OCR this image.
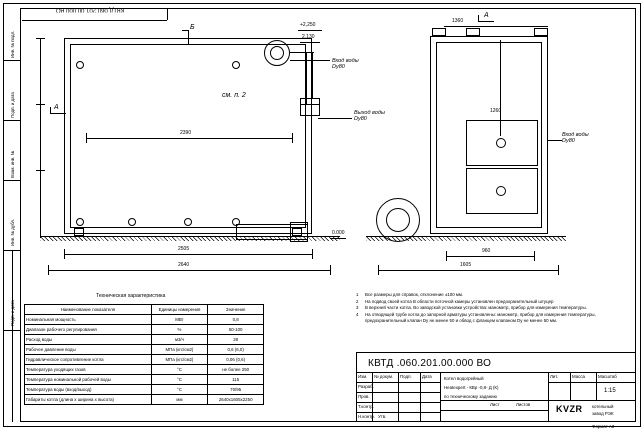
Инв. № подл.
Подп. и дата
Взам. инв. №
Инв. № дубл.
Подп. и дата
КВТД 060.201.00.000 ВО
Б
А
см. п. 2
Вход воды
Dу80
Выход воды
Dу80
2390
2505
2640
+2,250
2,130
0.000
А
1360
1260
960
1605
Вход воды
Dу80
Техническая характеристика
Наименование показателя	Единицы измерения	Значение
Номинальная мощность	МВт	0,8
Диапазон рабочего регулирования	%	50-100
Расход воды	м3/ч	28
Рабочее давление воды	МПа (кгс/см2)	0,6 (6,0)
Гидравлическое сопротивление котла	МПа (кгс/см2)	0,06 (0,6)
Температура уходящих газов	°С	не более 250
Температура номинальной рабочей воды	°С	115
Температура воды (вход/выход)	°С	70/95
Габариты котла (длина х ширина х высота)	мм	2640х1605х2250
1	Все размеры для справок, отклонение ±100 мм.
2	На подвод своей котла В области поточной камеры установлен предохранительный штуцер
3	В верхней части котла. Во заводской установки устройства: манометр, прибор для измерения температуры.
4	На отводящей трубе котла до запорной арматуры установлены: манометр, прибор для измерения температуры, предохранительный клапан Dу не менее 50 и обвод с фланцем клапаном Dу не менее 50 мм.
КВТД .060.201.00.000 ВО
Изм. № докум. Подп. Дата
Разраб.
Пров.
Т.контр.
Н.контр. Утв.
Котел водогрейный
Heatexpert - КВр -0,8- Д (К)
по техническому заданию
Лит.	Масса	Масштаб
1:15
Лист	Листов	KVZR котельный
завод РЭК
Формат А3
